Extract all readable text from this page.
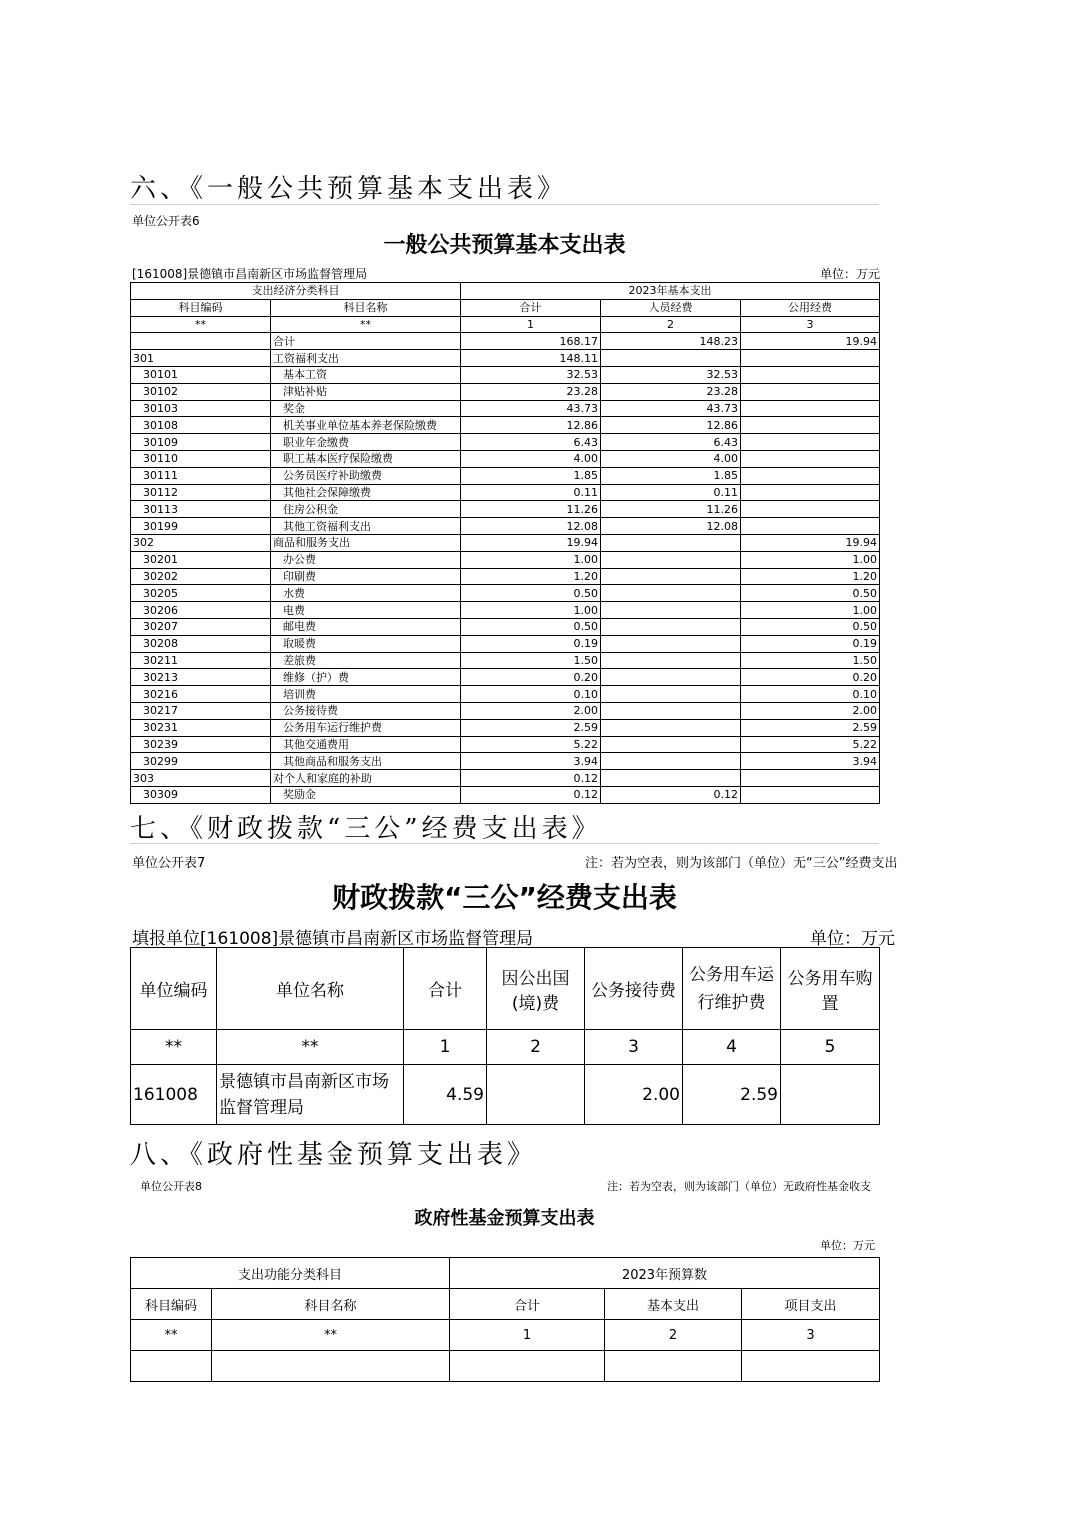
六、《一般公共预算基本支出表》
单位公开表6
一般公共预算基本支出表
[161008]景德镇市昌南新区市场监督管理局	单位：万元
支出经济分类科目		2023年基本支出		
科目编码	科目名称	合计	人员经费	公用经费
**	**	1	2	3
	合计	168.17	148.23	19.94
301	工资福利支出	148.11		
30101	基本工资	32.53	32.53	
30102	津贴补贴	23.28	23.28	
30103	奖金	43.73	43.73	
30108	机关事业单位基本养老保险缴费	12.86	12.86	
30109	职业年金缴费	6.43	6.43	
30110	职工基本医疗保险缴费	4.00	4.00	
30111	公务员医疗补助缴费	1.85	1.85	
30112	其他社会保障缴费	0.11	0.11	
30113	住房公积金	11.26	11.26	
30199	其他工资福利支出	12.08	12.08	
302	商品和服务支出	19.94		19.94
30201	办公费	1.00		1.00
30202	印刷费	1.20		1.20
30205	水费	0.50		0.50
30206	电费	1.00		1.00
30207	邮电费	0.50		0.50
30208	取暖费	0.19		0.19
30211	差旅费	1.50		1.50
30213	维修（护）费	0.20		0.20
30216	培训费	0.10		0.10
30217	公务接待费	2.00		2.00
30231	公务用车运行维护费	2.59		2.59
30239	其他交通费用	5.22		5.22
30299	其他商品和服务支出	3.94		3.94
303	对个人和家庭的补助	0.12		
30309	奖励金	0.12	0.12	
七、《财政拨款“三公”经费支出表》
单位公开表7	注：若为空表，则为该部门（单位）无“三公”经费支出
财政拨款“三公”经费支出表
填报单位[161008]景德镇市昌南新区市场监督管理局	单位：万元
单位编码	单位名称	合计	因公出国(境)费	公务接待费	公务用车运行维护费	公务用车购置
**	**	1	2	3	4	5
161008	景德镇市昌南新区市场监督管理局	4.59		2.00	2.59	
八、《政府性基金预算支出表》
单位公开表8	注：若为空表，则为该部门（单位）无政府性基金收支
政府性基金预算支出表
单位：万元
支出功能分类科目		2023年预算数		
科目编码	科目名称	合计	基本支出	项目支出
**	**	1	2	3
